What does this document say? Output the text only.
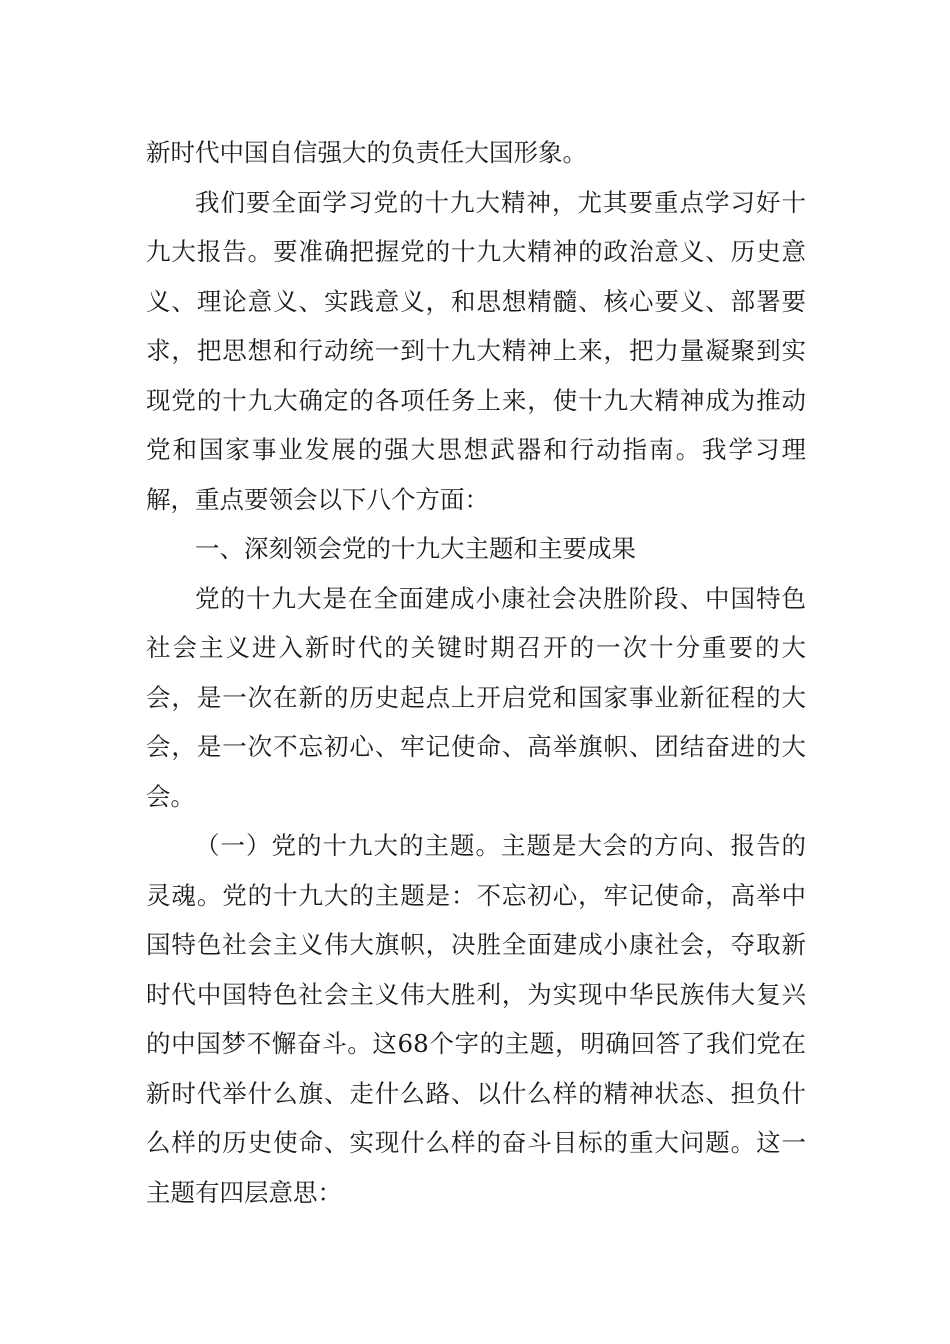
新时代中国自信强大的负责任大国形象。

我们要全面学习党的十九大精神，尤其要重点学习好十九大报告。要准确把握党的十九大精神的政治意义、历史意义、理论意义、实践意义，和思想精髓、核心要义、部署要求，把思想和行动统一到十九大精神上来，把力量凝聚到实现党的十九大确定的各项任务上来，使十九大精神成为推动党和国家事业发展的强大思想武器和行动指南。我学习理解，重点要领会以下八个方面：

一、深刻领会党的十九大主题和主要成果

党的十九大是在全面建成小康社会决胜阶段、中国特色社会主义进入新时代的关键时期召开的一次十分重要的大会，是一次在新的历史起点上开启党和国家事业新征程的大会，是一次不忘初心、牢记使命、高举旗帜、团结奋进的大会。

（一）党的十九大的主题。主题是大会的方向、报告的灵魂。党的十九大的主题是：不忘初心，牢记使命，高举中国特色社会主义伟大旗帜，决胜全面建成小康社会，夺取新时代中国特色社会主义伟大胜利，为实现中华民族伟大复兴的中国梦不懈奋斗。这68个字的主题，明确回答了我们党在新时代举什么旗、走什么路、以什么样的精神状态、担负什么样的历史使命、实现什么样的奋斗目标的重大问题。这一主题有四层意思：
